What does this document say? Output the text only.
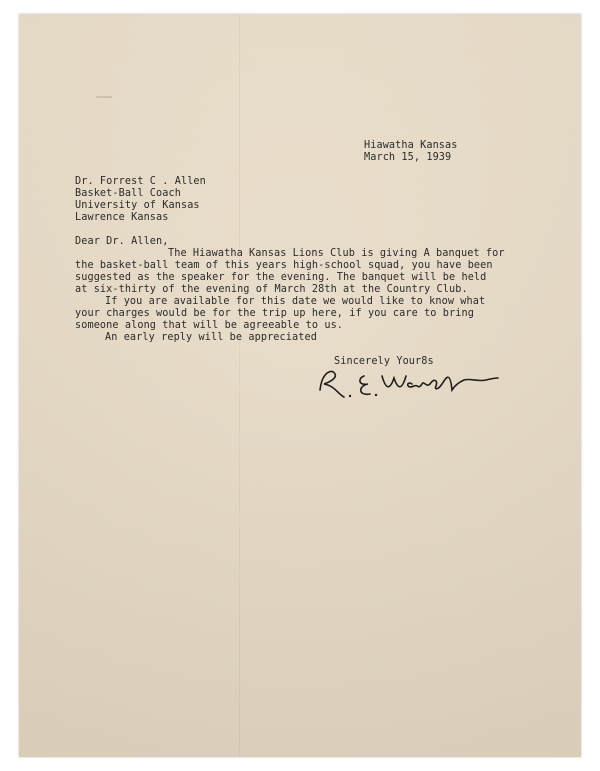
Hiawatha Kansas
March 15, 1939
Dr. Forrest C . Allen
Basket-Ball Coach
University of Kansas
Lawrence Kansas
Dear Dr. Allen,
The Hiawatha Kansas Lions Club is giving A banquet for
the basket-ball team of this years high-school squad, you have been
suggested as the speaker for the evening. The banquet will be held
at six-thirty of the evening of March 28th at the Country Club.
If you are available for this date we would like to know what
your charges would be for the trip up here, if you care to bring
someone along that will be agreeable to us.
An early reply will be appreciated
Sincerely Your8s
